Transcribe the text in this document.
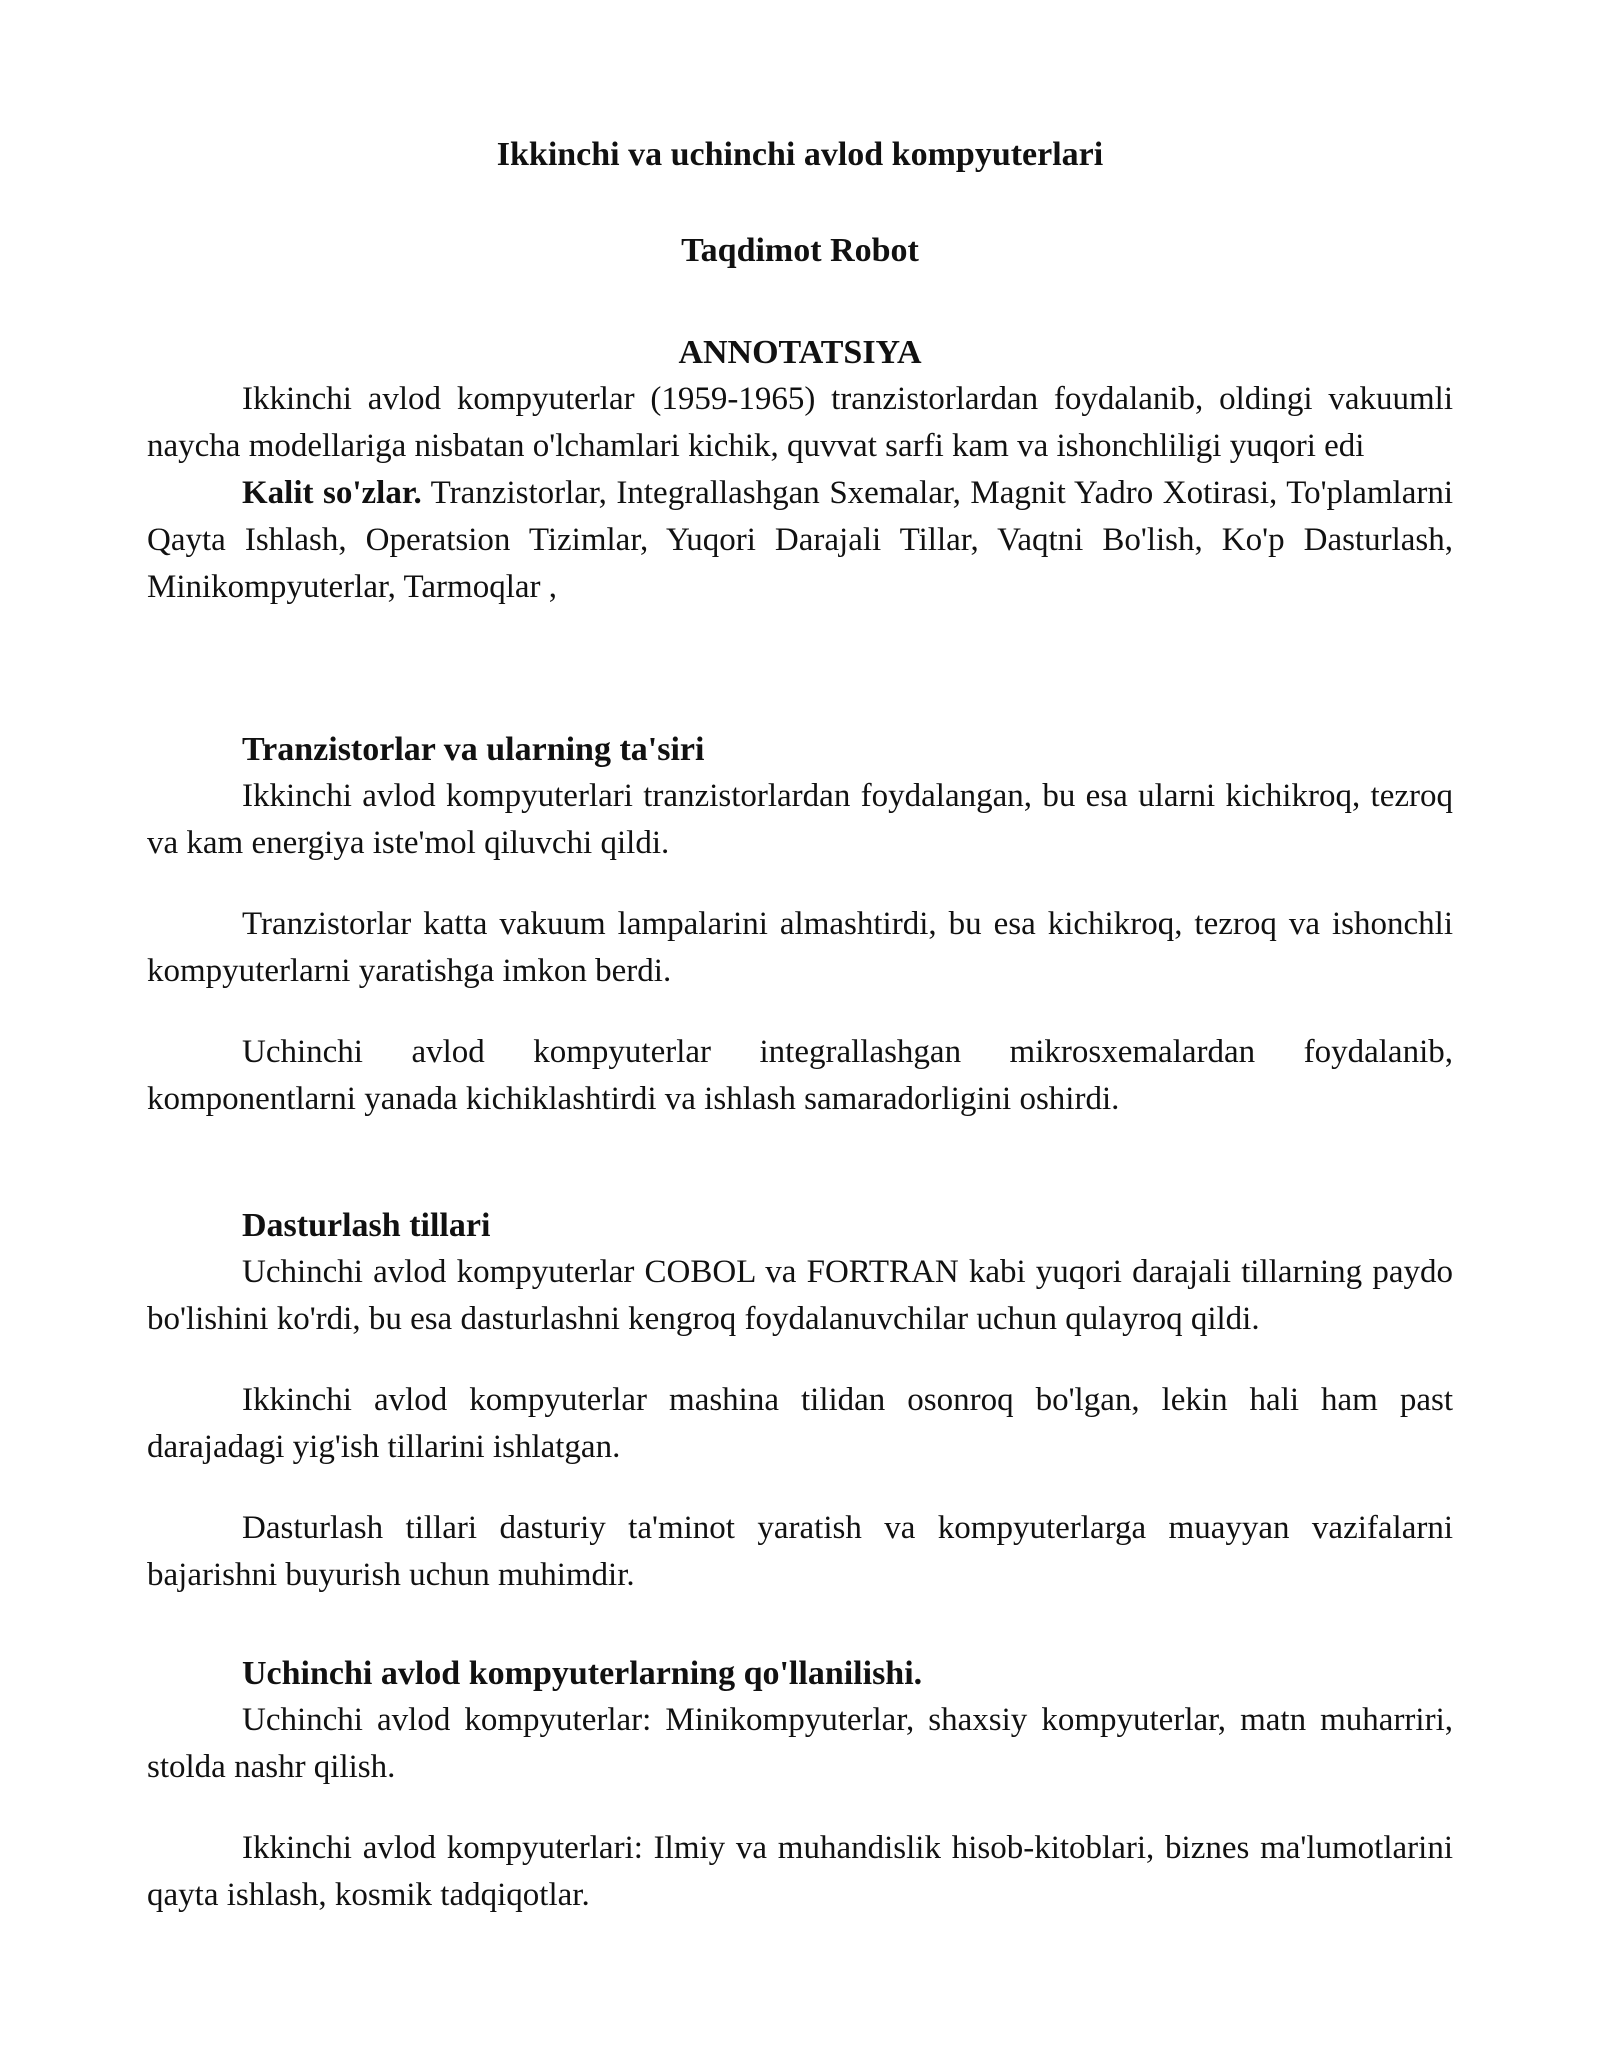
Ikkinchi va uchinchi avlod kompyuterlari
Taqdimot Robot
ANNOTATSIYA

Ikkinchi avlod kompyuterlar (1959-1965) tranzistorlardan foydalanib, oldingi vakuumli naycha modellariga nisbatan o'lchamlari kichik, quvvat sarfi kam va ishonchliligi yuqori edi

Kalit so'zlar. Tranzistorlar, Integrallashgan Sxemalar, Magnit Yadro Xotirasi, To'plamlarni Qayta Ishlash, Operatsion Tizimlar, Yuqori Darajali Tillar, Vaqtni Bo'lish, Ko'p Dasturlash, Minikompyuterlar, Tarmoqlar ,

Tranzistorlar va ularning ta'siri

Ikkinchi avlod kompyuterlari tranzistorlardan foydalangan, bu esa ularni kichikroq, tezroq va kam energiya iste'mol qiluvchi qildi.

Tranzistorlar katta vakuum lampalarini almashtirdi, bu esa kichikroq, tezroq va ishonchli kompyuterlarni yaratishga imkon berdi.

Uchinchi avlod kompyuterlar integrallashgan mikrosxemalardan foydalanib, komponentlarni yanada kichiklashtirdi va ishlash samaradorligini oshirdi.

Dasturlash tillari

Uchinchi avlod kompyuterlar COBOL va FORTRAN kabi yuqori darajali tillarning paydo bo'lishini ko'rdi, bu esa dasturlashni kengroq foydalanuvchilar uchun qulayroq qildi.

Ikkinchi avlod kompyuterlar mashina tilidan osonroq bo'lgan, lekin hali ham past darajadagi yig'ish tillarini ishlatgan.

Dasturlash tillari dasturiy ta'minot yaratish va kompyuterlarga muayyan vazifalarni bajarishni buyurish uchun muhimdir.

Uchinchi avlod kompyuterlarning qo'llanilishi.

Uchinchi avlod kompyuterlar: Minikompyuterlar, shaxsiy kompyuterlar, matn muharriri, stolda nashr qilish.

Ikkinchi avlod kompyuterlari: Ilmiy va muhandislik hisob-kitoblari, biznes ma'lumotlarini qayta ishlash, kosmik tadqiqotlar.
